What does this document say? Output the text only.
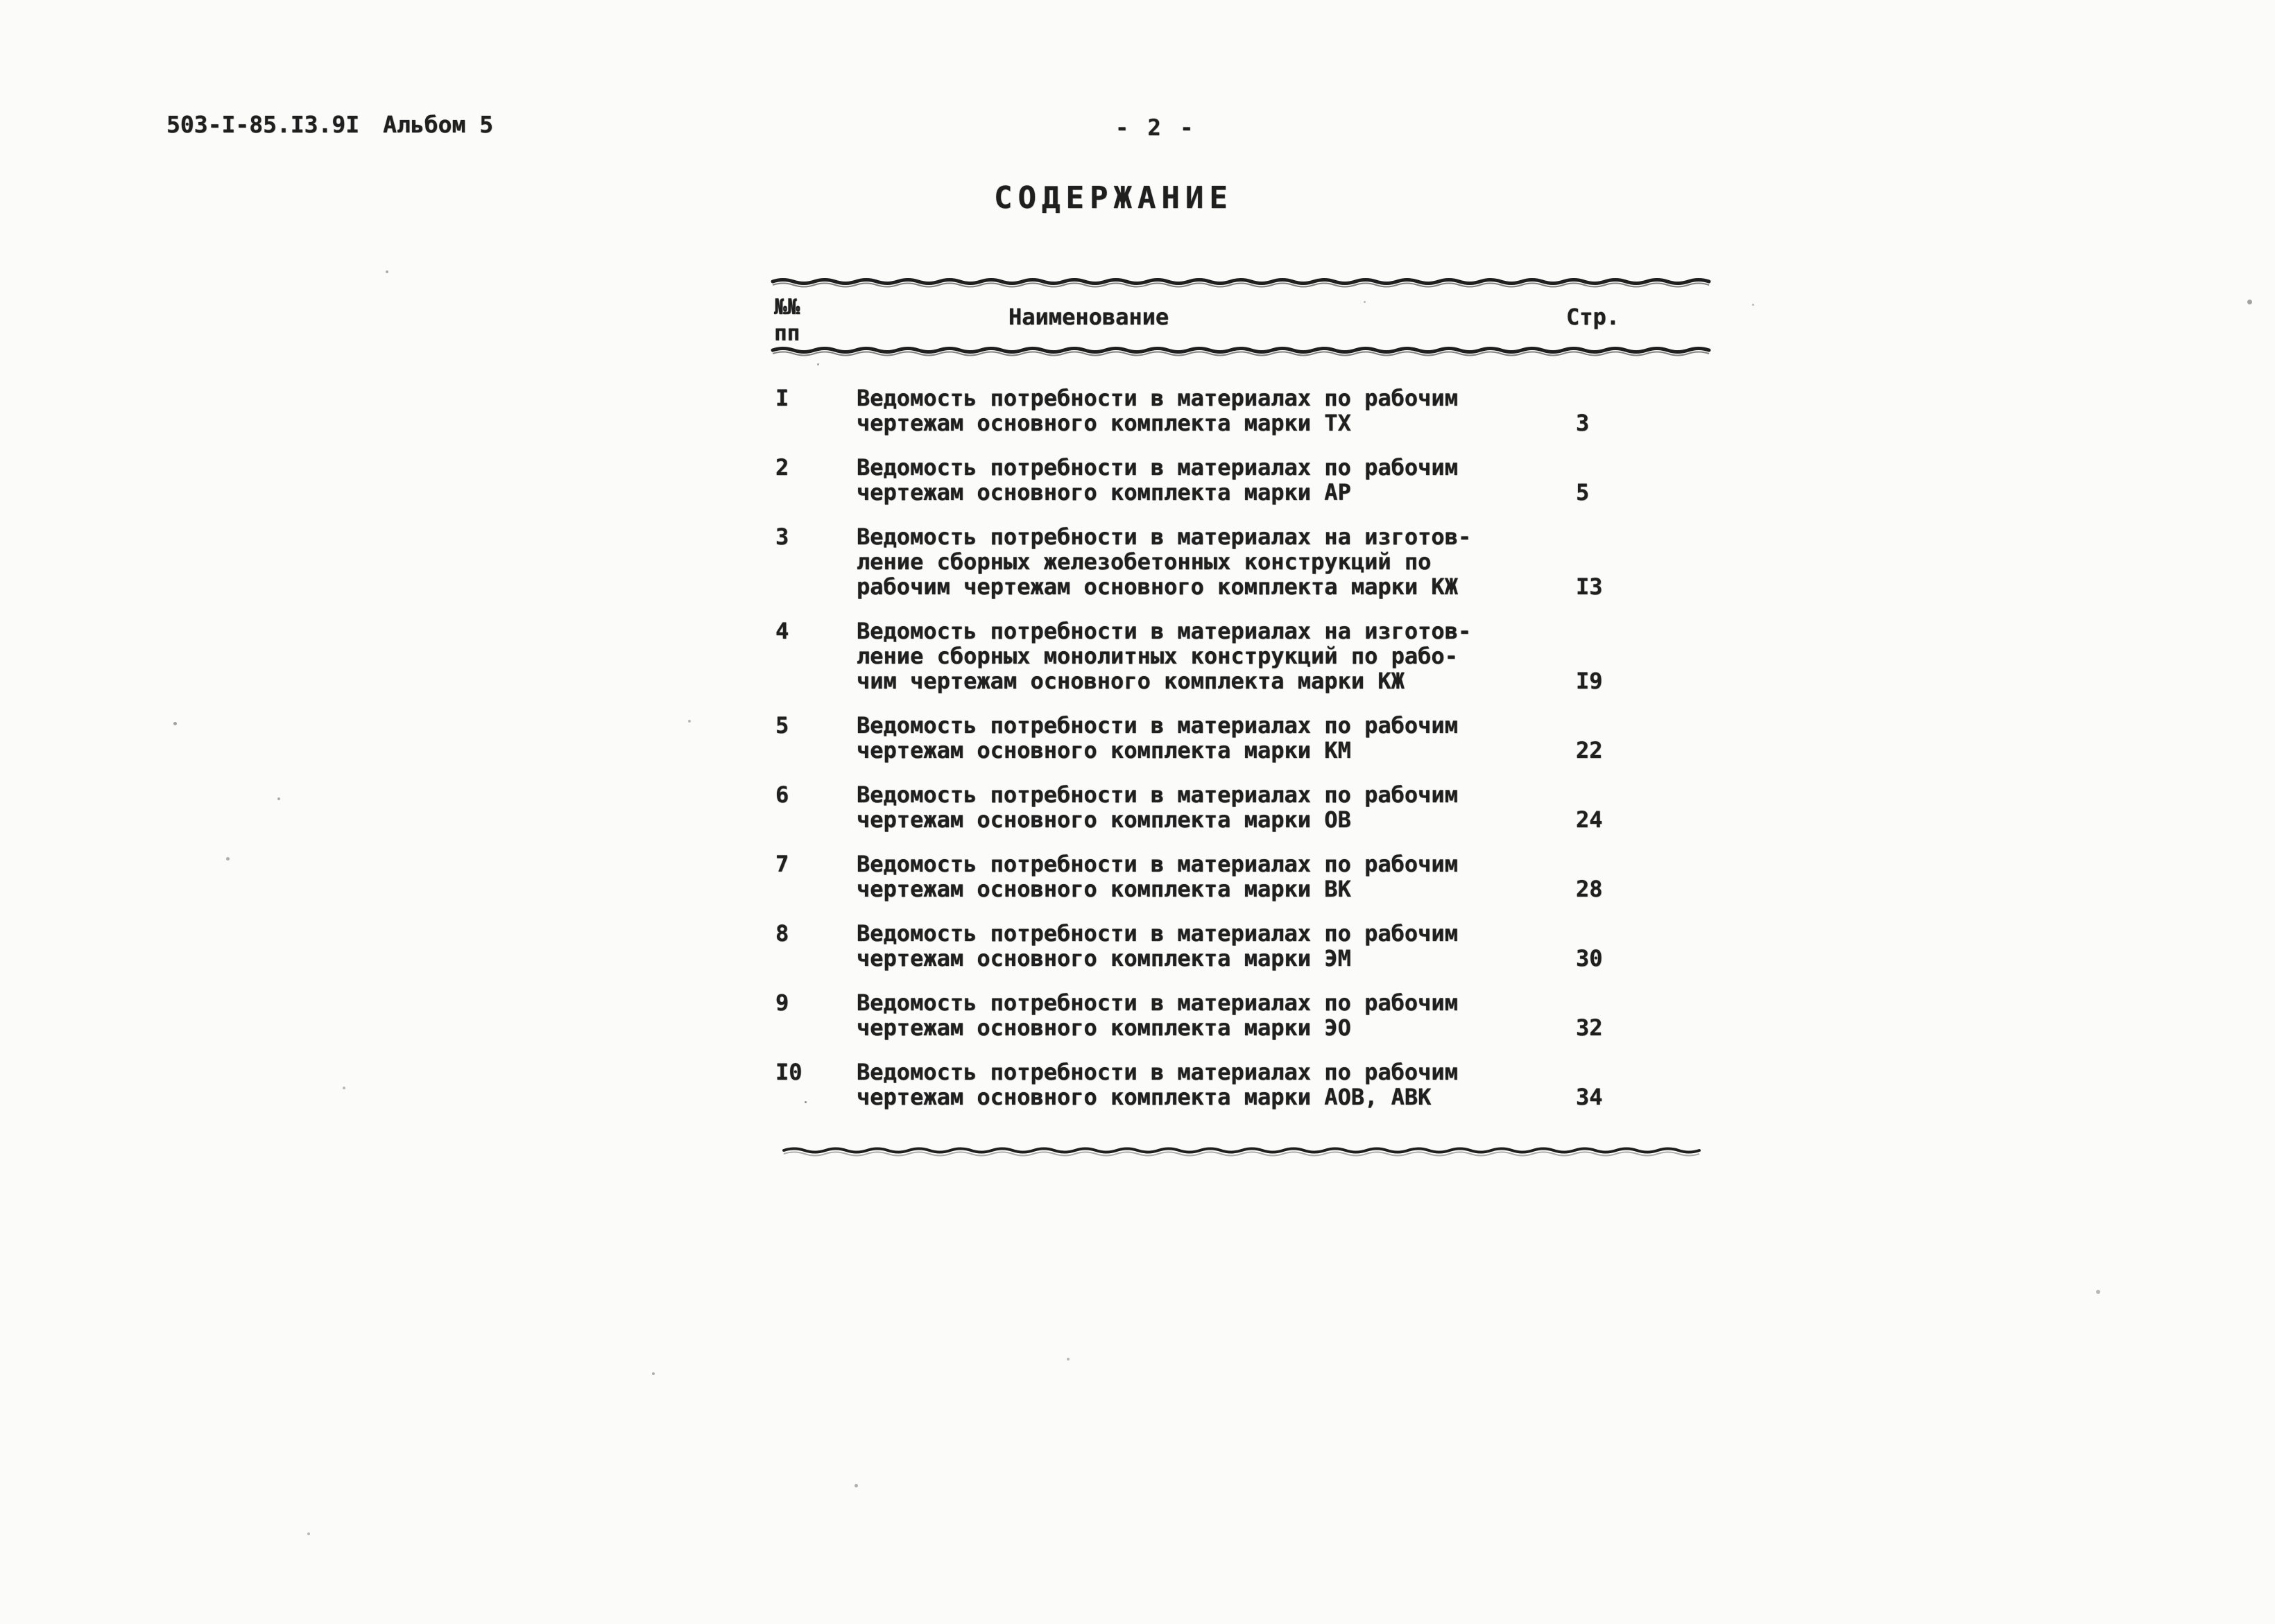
503-I-85.I3.9I Альбом 5	- 2 -
СОДЕРЖАНИЕ
№№
пп
Наименование	Стр.
I	Ведомость потребности в материалах по рабочим
чертежам основного комплекта марки ТХ	3
2	Ведомость потребности в материалах по рабочим
чертежам основного комплекта марки АР	5
3	Ведомость потребности в материалах на изготов-
ление сборных железобетонных конструкций по
рабочим чертежам основного комплекта марки КЖ	I3
4	Ведомость потребности в материалах на изготов-
ление сборных монолитных конструкций по рабо-
чим чертежам основного комплекта марки КЖ	I9
5	Ведомость потребности в материалах по рабочим
чертежам основного комплекта марки КМ	22
6	Ведомость потребности в материалах по рабочим
чертежам основного комплекта марки ОВ	24
7	Ведомость потребности в материалах по рабочим
чертежам основного комплекта марки ВК	28
8	Ведомость потребности в материалах по рабочим
чертежам основного комплекта марки ЭМ	30
9	Ведомость потребности в материалах по рабочим
чертежам основного комплекта марки ЭО	32
I0	Ведомость потребности в материалах по рабочим
чертежам основного комплекта марки АОВ, АВК	34
